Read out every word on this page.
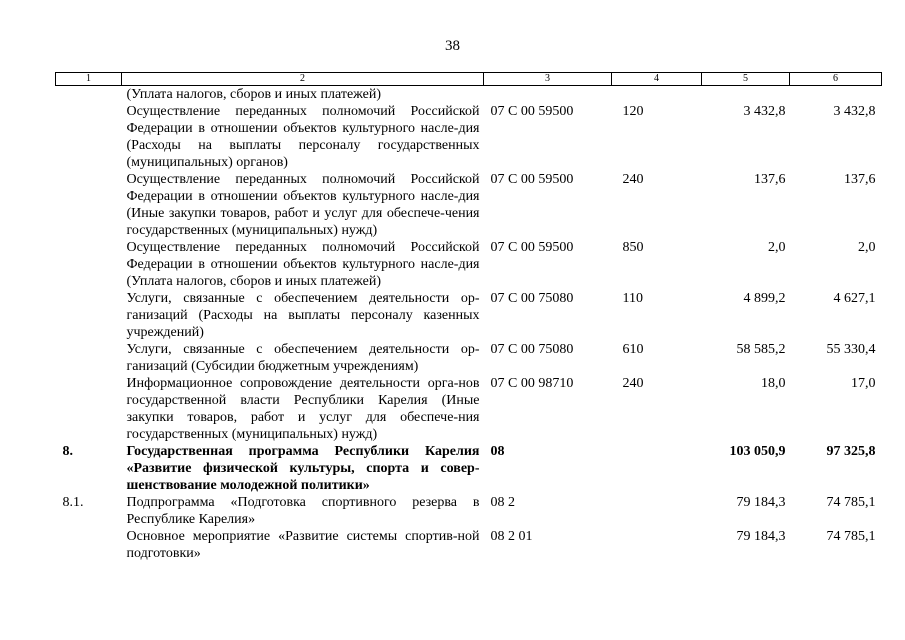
38
1	2	3	4	5	6
	(Уплата налогов, сборов и иных платежей)				
	Осуществление переданных полномочий Российской Федерации в отношении объектов культурного насле-дия (Расходы на выплаты персоналу государственных (муниципальных) органов)	07 С 00 59500	120	3 432,8	3 432,8
	Осуществление переданных полномочий Российской Федерации в отношении объектов культурного насле-дия (Иные закупки товаров, работ и услуг для обеспече-чения государственных (муниципальных) нужд)	07 С 00 59500	240	137,6	137,6
	Осуществление переданных полномочий Российской Федерации в отношении объектов культурного насле-дия (Уплата налогов, сборов и иных платежей)	07 С 00 59500	850	2,0	2,0
	Услуги, связанные с обеспечением деятельности ор-ганизаций (Расходы на выплаты персоналу казенных учреждений)	07 С 00 75080	110	4 899,2	4 627,1
	Услуги, связанные с обеспечением деятельности ор-ганизаций (Субсидии бюджетным учреждениям)	07 С 00 75080	610	58 585,2	55 330,4
	Информационное сопровождение деятельности орга-нов государственной власти Республики Карелия (Иные закупки товаров, работ и услуг для обеспече-ния государственных (муниципальных) нужд)	07 С 00 98710	240	18,0	17,0
8.	Государственная программа Республики Карелия «Развитие физической культуры, спорта и совер-шенствование молодежной политики»	08		103 050,9	97 325,8
8.1.	Подпрограмма «Подготовка спортивного резерва в Республике Карелия»	08 2		79 184,3	74 785,1
	Основное мероприятие «Развитие системы спортив-ной подготовки»	08 2 01		79 184,3	74 785,1
